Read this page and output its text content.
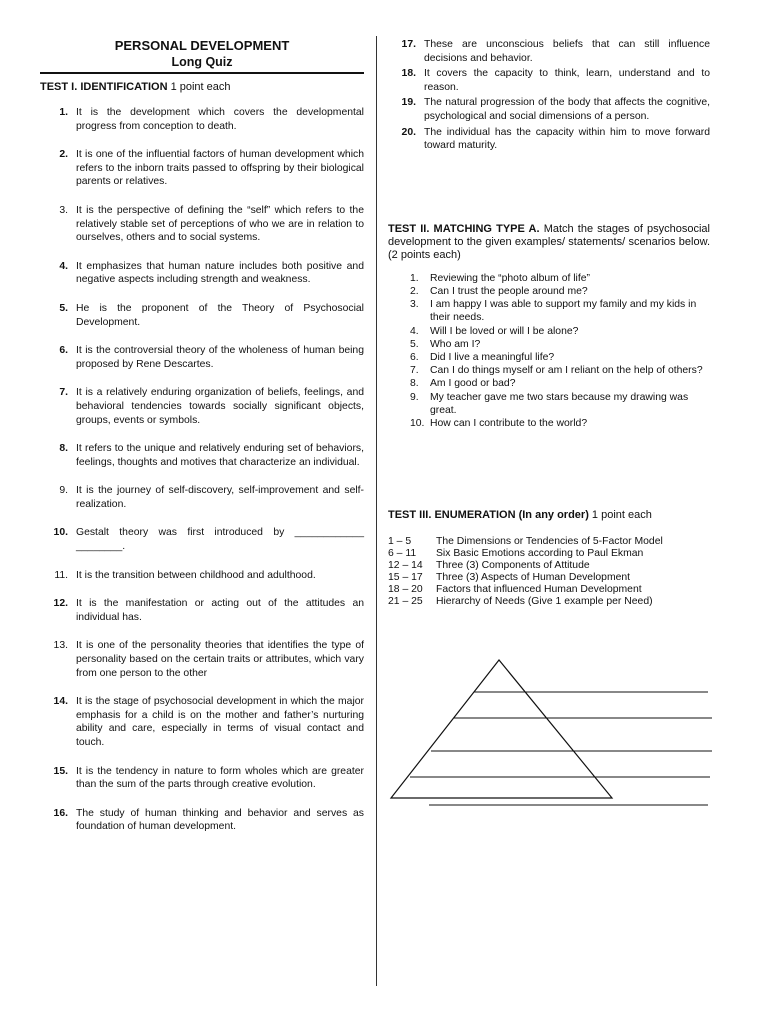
PERSONAL DEVELOPMENT
Long Quiz
TEST I. IDENTIFICATION 1 point each
1. It is the development which covers the developmental progress from conception to death.
2. It is one of the influential factors of human development which refers to the inborn traits passed to offspring by their biological parents or relatives.
3. It is the perspective of defining the “self” which refers to the relatively stable set of perceptions of who we are in relation to ourselves, others and to social systems.
4. It emphasizes that human nature includes both positive and negative aspects including strength and weakness.
5. He is the proponent of the Theory of Psychosocial Development.
6. It is the controversial theory of the wholeness of human being proposed by Rene Descartes.
7. It is a relatively enduring organization of beliefs, feelings, and behavioral tendencies towards socially significant objects, groups, events or symbols.
8. It refers to the unique and relatively enduring set of behaviors, feelings, thoughts and motives that characterize an individual.
9. It is the journey of self-discovery, self-improvement and self-realization.
10. Gestalt theory was first introduced by ____________ ________.
11. It is the transition between childhood and adulthood.
12. It is the manifestation or acting out of the attitudes an individual has.
13. It is one of the personality theories that identifies the type of personality based on the certain traits or attributes, which vary from one person to the other
14. It is the stage of psychosocial development in which the major emphasis for a child is on the mother and father’s nurturing ability and care, especially in terms of visual contact and touch.
15. It is the tendency in nature to form wholes which are greater than the sum of the parts through creative evolution.
16. The study of human thinking and behavior and serves as foundation of human development.
17. These are unconscious beliefs that can still influence decisions and behavior.
18. It covers the capacity to think, learn, understand and to reason.
19. The natural progression of the body that affects the cognitive, psychological and social dimensions of a person.
20. The individual has the capacity within him to move forward toward maturity.
TEST II. MATCHING TYPE A. Match the stages of psychosocial development to the given examples/ statements/ scenarios below. (2 points each)
1.	Reviewing the “photo album of life”
2.	Can I trust the people around me?
3.	I am happy I was able to support my family and my kids in their needs.
4.	Will I be loved or will I be alone?
5.	Who am I?
6.	Did I live a meaningful life?
7.	Can I do things myself or am I reliant on the help of others?
8.	Am I good or bad?
9.	My teacher gave me two stars because my drawing was great.
10. How can I contribute to the world?
TEST III. ENUMERATION (In any order) 1 point each
1 – 5	The Dimensions or Tendencies of 5-Factor Model
6 – 11	Six Basic Emotions according to Paul Ekman
12 – 14	Three (3) Components of Attitude
15 – 17	Three (3) Aspects of Human Development
18 – 20	Factors that influenced Human Development
21 – 25	Hierarchy of Needs (Give 1 example per Need)
